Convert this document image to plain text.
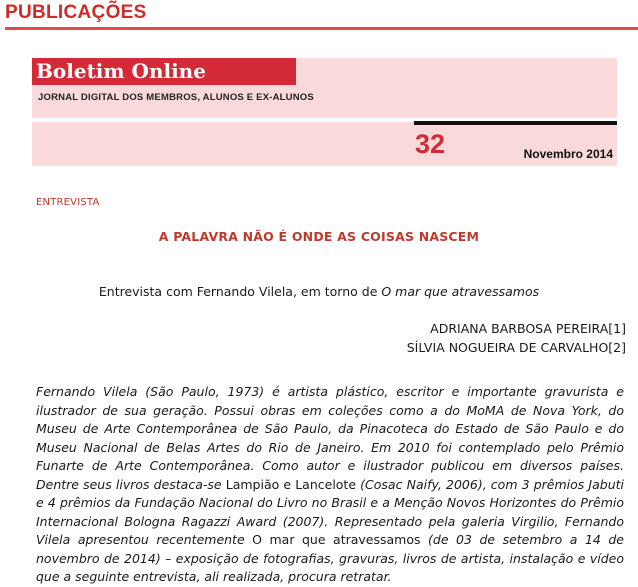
PUBLICAÇÕES
Boletim Online
JORNAL DIGITAL DOS MEMBROS, ALUNOS E EX-ALUNOS
32	Novembro 2014
ENTREVISTA
A PALAVRA NÃO É ONDE AS COISAS NASCEM
Entrevista com Fernando Vilela, em torno de O mar que atravessamos
ADRIANA BARBOSA PEREIRA[1]
SÍLVIA NOGUEIRA DE CARVALHO[2]
Fernando Vilela (São Paulo, 1973) é artista plástico, escritor e importante gravurista e ilustrador de sua geração. Possui obras em coleções como a do MoMA de Nova York, do Museu de Arte Contemporânea de São Paulo, da Pinacoteca do Estado de São Paulo e do Museu Nacional de Belas Artes do Rio de Janeiro. Em 2010 foi contemplado pelo Prêmio Funarte de Arte Contemporânea. Como autor e ilustrador publicou em diversos países. Dentre seus livros destaca-se Lampião e Lancelote (Cosac Naify, 2006), com 3 prêmios Jabuti e 4 prêmios da Fundação Nacional do Livro no Brasil e a Menção Novos Horizontes do Prêmio Internacional Bologna Ragazzi Award (2007). Representado pela galeria Virgilio, Fernando Vilela apresentou recentemente O mar que atravessamos (de 03 de setembro a 14 de novembro de 2014) – exposição de fotografias, gravuras, livros de artista, instalação e vídeo que a seguinte entrevista, ali realizada, procura retratar.
